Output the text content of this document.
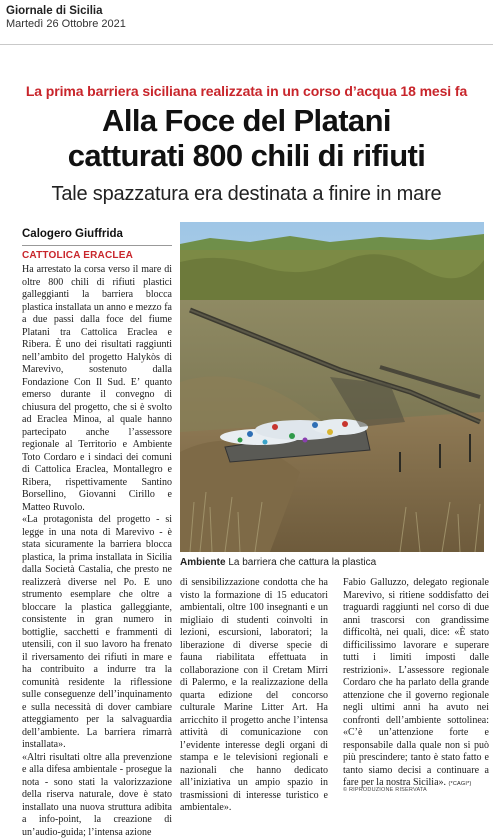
Giornale di Sicilia
Martedì 26 Ottobre 2021
La prima barriera siciliana realizzata in un corso d’acqua 18 mesi fa
Alla Foce del Platani
catturati 800 chili di rifiuti
Tale spazzatura era destinata a finire in mare
Calogero Giuffrida
CATTOLICA ERACLEA

Ha arrestato la corsa verso il mare di oltre 800 chili di rifiuti plastici galleggianti la barriera blocca plastica installata un anno e mezzo fa a due passi dalla foce del fiume Platani tra Cattolica Eraclea e Ribera. È uno dei risultati raggiunti nell’ambito del progetto Halykòs di Marevivo, sostenuto dalla Fondazione Con Il Sud. E’ quanto emerso durante il convegno di chiusura del progetto, che si è svolto ad Eraclea Minoa, al quale hanno partecipato anche l’assessore regionale al Territorio e Ambiente Toto Cordaro e i sindaci dei comuni di Cattolica Eraclea, Montallegro e Ribera, rispettivamente Santino Borsellino, Giovanni Cirillo e Matteo Ruvolo.

«La protagonista del progetto - si legge in una nota di Marevivo - è stata sicuramente la barriera blocca plastica, la prima installata in Sicilia dalla Società Castalia, che presto ne realizzerà diverse nel Po. E uno strumento esemplare che oltre a bloccare la plastica galleggiante, consistente in gran numero in bottiglie, sacchetti e frammenti di utensili, con il suo lavoro ha frenato il riversamento dei rifiuti in mare e ha contribuito a indurre tra la comunità residente la riflessione sulle conseguenze dell’inquinamento e sulla necessità di dover cambiare atteggiamento per la salvaguardia dell’ambiente. La barriera rimarrà installata».

«Altri risultati oltre alla prevenzione e alla difesa ambientale - prosegue la nota - sono stati la valorizzazione della riserva naturale, dove è stato installato una nuova struttura adibita a info-point, la creazione di un’audio-guida; l’intensa azione

Ambiente La barriera che cattura la plastica

di sensibilizzazione condotta che ha visto la formazione di 15 educatori ambientali, oltre 100 insegnanti e un migliaio di studenti coinvolti in lezioni, escursioni, laboratori; la liberazione di diverse specie di fauna riabilitata effettuata in collaborazione con il Cretam Mirri di Palermo, e la realizzazione della quarta edizione del concorso culturale Marine Litter Art. Ha arricchito il progetto anche l’intensa attività di comunicazione con l’evidente interesse degli organi di stampa e le televisioni regionali e nazionali che hanno dedicato all’iniziativa un ampio spazio in trasmissioni di interesse turistico e ambientale».

Fabio Galluzzo, delegato regionale Marevivo, si ritiene soddisfatto dei traguardi raggiunti nel corso di due anni trascorsi con grandissime difficoltà, nei quali, dice: «È stato difficilissimo lavorare e superare tutti i limiti imposti dalle restrizioni». L’assessore regionale Cordaro che ha parlato della grande attenzione che il governo regionale negli ultimi anni ha avuto nei confronti dell’ambiente sottolinea: «C’è un’attenzione forte e responsabile dalla quale non si può più prescindere; tanto è stato fatto e tanto siamo decisi a continuare a fare per la nostra Sicilia». (*CAGI*)

© RIPRODUZIONE RISERVATA
